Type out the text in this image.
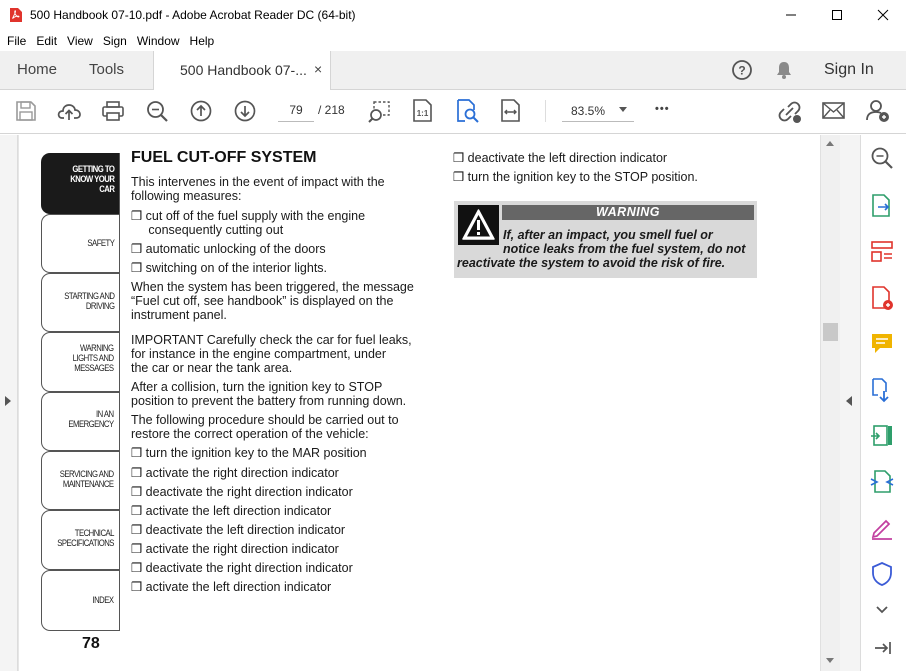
500 Handbook 07-10.pdf - Adobe Acrobat Reader DC (64-bit)
File Edit View Sign Window Help
Home Tools	500 Handbook 07-... ×	?	Sign In
79
/ 218	1:1	83.5%	•••
GETTING TO
KNOW YOUR
CAR
SAFETY
STARTING AND
DRIVING
WARNING
LIGHTS AND
MESSAGES
IN AN
EMERGENCY
SERVICING AND
MAINTENANCE
TECHNICAL
SPECIFICATIONS
INDEX
78
FUEL CUT-OFF SYSTEM
This intervenes in the event of impact with the
following measures:
❒ cut off of the fuel supply with the engine
consequently cutting out
❒ automatic unlocking of the doors
❒ switching on of the interior lights.
When the system has been triggered, the message
“Fuel cut off, see handbook” is displayed on the
instrument panel.
IMPORTANT Carefully check the car for fuel leaks,
for instance in the engine compartment, under
the car or near the tank area.
After a collision, turn the ignition key to STOP
position to prevent the battery from running down.
The following procedure should be carried out to
restore the correct operation of the vehicle:
❒ turn the ignition key to the MAR position
❒ activate the right direction indicator
❒ deactivate the right direction indicator
❒ activate the left direction indicator
❒ deactivate the left direction indicator
❒ activate the right direction indicator
❒ deactivate the right direction indicator
❒ activate the left direction indicator
❒ deactivate the left direction indicator
❒ turn the ignition key to the STOP position.
WARNING
If, after an impact, you smell fuel or
notice leaks from the fuel system, do not
reactivate the system to avoid the risk of fire.
